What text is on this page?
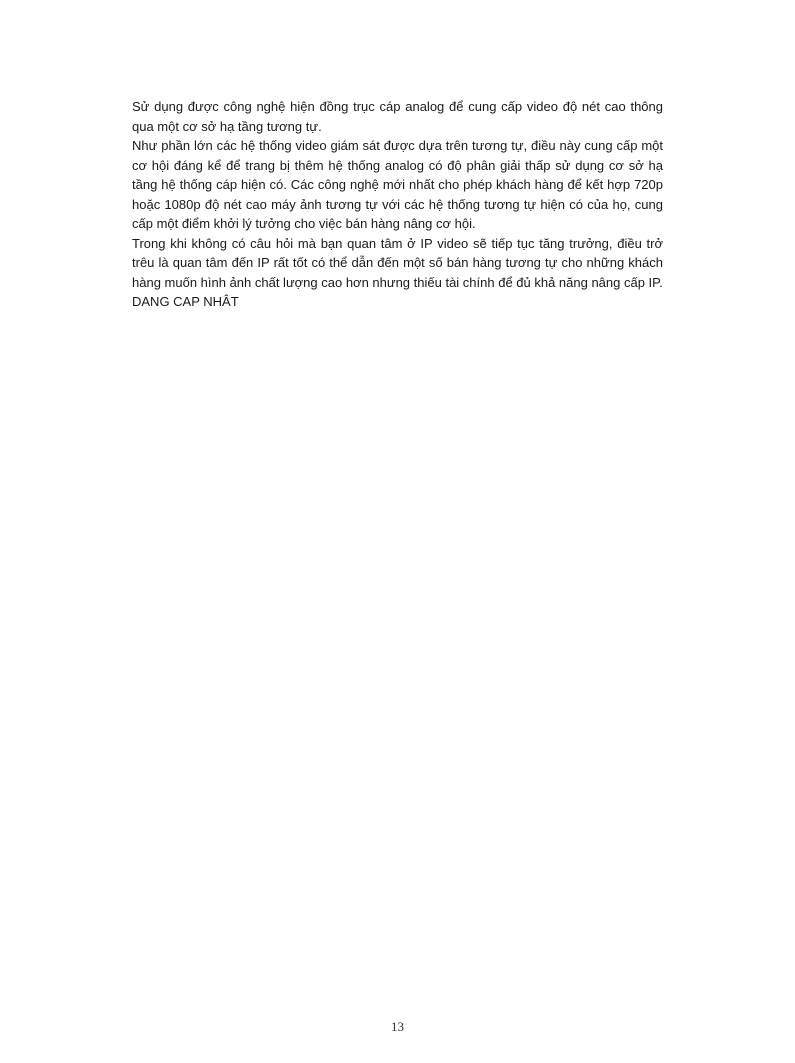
Sử dụng được công nghệ hiện đồng trục cáp analog để cung cấp video độ nét cao thông qua một cơ sở hạ tầng tương tự.

Như phần lớn các hệ thống video giám sát được dựa trên tương tự, điều này cung cấp một cơ hội đáng kể để trang bị thêm hệ thống analog có độ phân giải thấp sử dụng cơ sở hạ tầng hệ thống cáp hiện có. Các công nghệ mới nhất cho phép khách hàng để kết hợp 720p hoặc 1080p độ nét cao máy ảnh tương tự với các hệ thống tương tự hiện có của họ, cung cấp một điểm khởi lý tưởng cho việc bán hàng nâng cơ hội.

Trong khi không có câu hỏi mà bạn quan tâm ở IP video sẽ tiếp tục tăng trưởng, điều trở trêu là quan tâm đến IP rất tốt có thể dẫn đến một số bán hàng tương tự cho những khách hàng muốn hình ảnh chất lượng cao hơn nhưng thiếu tài chính để đủ khả năng nâng cấp IP.

DANG CAP NHÂT

13
